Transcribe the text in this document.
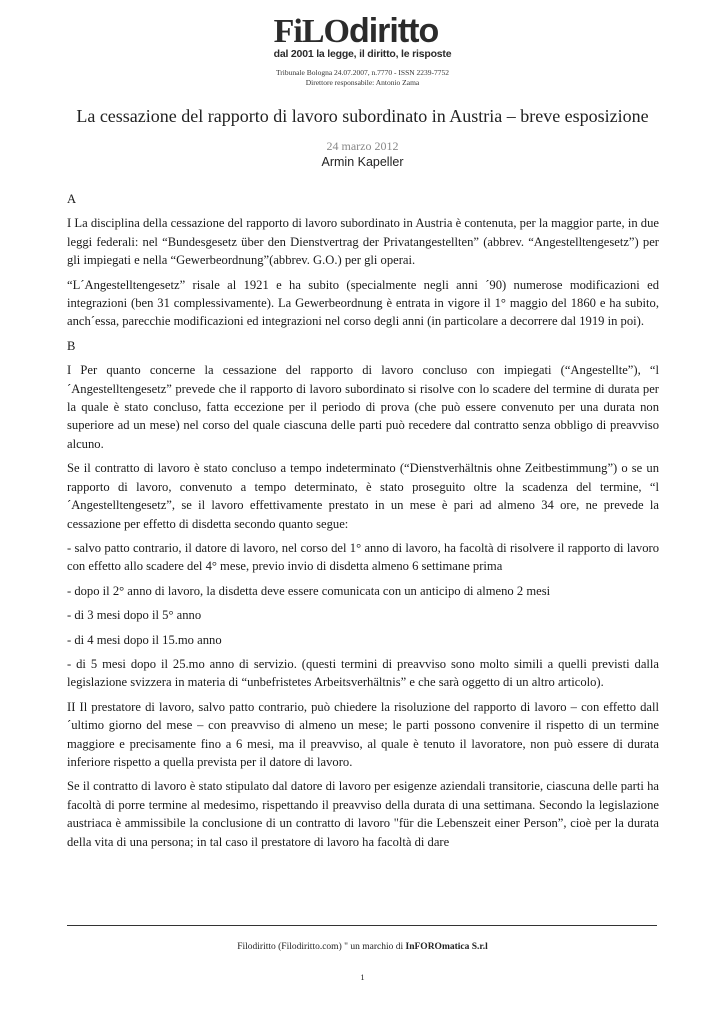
FiLOdiritto
dal 2001 la legge, il diritto, le risposte
Tribunale Bologna 24.07.2007, n.7770 - ISSN 2239-7752
Direttore responsabile: Antonio Zama
La cessazione del rapporto di lavoro subordinato in Austria – breve esposizione
24 marzo 2012
Armin Kapeller

A

I La disciplina della cessazione del rapporto di lavoro subordinato in Austria è contenuta, per la maggior parte, in due leggi federali: nel “Bundesgesetz über den Dienstvertrag der Privatangestellten” (abbrev. “Angestelltengesetz”) per gli impiegati e nella “Gewerbeordnung”(abbrev. G.O.) per gli operai.

“L´Angestelltengesetz” risale al 1921 e ha subito (specialmente negli anni ´90) numerose modificazioni ed integrazioni (ben 31 complessivamente). La Gewerbeordnung è entrata in vigore il 1° maggio del 1860 e ha subito, anch´essa, parecchie modificazioni ed integrazioni nel corso degli anni (in particolare a decorrere dal 1919 in poi).

B

I Per quanto concerne la cessazione del rapporto di lavoro concluso con impiegati (“Angestellte”), “l´Angestelltengesetz” prevede che il rapporto di lavoro subordinato si risolve con lo scadere del termine di durata per la quale è stato concluso, fatta eccezione per il periodo di prova (che può essere convenuto per una durata non superiore ad un mese) nel corso del quale ciascuna delle parti può recedere dal contratto senza obbligo di preavviso alcuno.

Se il contratto di lavoro è stato concluso a tempo indeterminato (“Dienstverhältnis ohne Zeitbestimmung”) o se un rapporto di lavoro, convenuto a tempo determinato, è stato proseguito oltre la scadenza del termine, “l´Angestelltengesetz”, se il lavoro effettivamente prestato in un mese è pari ad almeno 34 ore, ne prevede la cessazione per effetto di disdetta secondo quanto segue:

- salvo patto contrario, il datore di lavoro, nel corso del 1° anno di lavoro, ha facoltà di risolvere il rapporto di lavoro con effetto allo scadere del 4° mese, previo invio di disdetta almeno 6 settimane prima

- dopo il 2° anno di lavoro, la disdetta deve essere comunicata con un anticipo di almeno 2 mesi

- di 3 mesi dopo il 5° anno

- di 4 mesi dopo il 15.mo anno

- di 5 mesi dopo il 25.mo anno di servizio. (questi termini di preavviso sono molto simili a quelli previsti dalla legislazione svizzera in materia di “unbefristetes Arbeitsverhältnis” e che sarà oggetto di un altro articolo).

II Il prestatore di lavoro, salvo patto contrario, può chiedere la risoluzione del rapporto di lavoro – con effetto dall´ultimo giorno del mese – con preavviso di almeno un mese; le parti possono convenire il rispetto di un termine maggiore e precisamente fino a 6 mesi, ma il preavviso, al quale è tenuto il lavoratore, non può essere di durata inferiore rispetto a quella prevista per il datore di lavoro.

Se il contratto di lavoro è stato stipulato dal datore di lavoro per esigenze aziendali transitorie, ciascuna delle parti ha facoltà di porre termine al medesimo, rispettando il preavviso della durata di una settimana. Secondo la legislazione austriaca è ammissibile la conclusione di un contratto di lavoro "für die Lebenszeit einer Person”, cioè per la durata della vita di una persona; in tal caso il prestatore di lavoro ha facoltà di dare

Filodiritto (Filodiritto.com) " un marchio di InFOROmatica S.r.l
1
